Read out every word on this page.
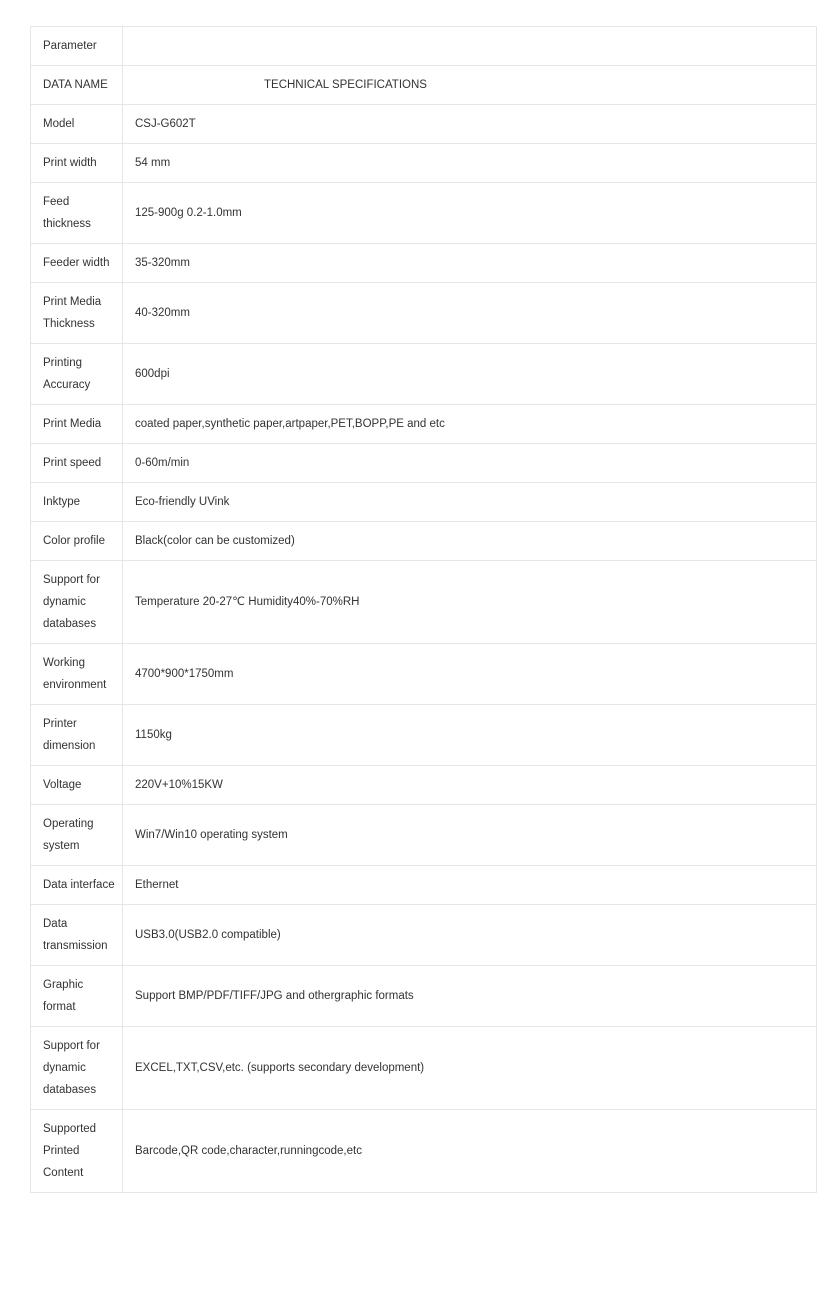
Parameter	
DATA NAME	TECHNICAL SPECIFICATIONS
Model	CSJ-G602T
Print width	54 mm
Feed thickness	125-900g 0.2-1.0mm
Feeder width	35-320mm
Print Media Thickness	40-320mm
Printing Accuracy	600dpi
Print Media	coated paper,synthetic paper,artpaper,PET,BOPP,PE and etc
Print speed	0-60m/min
Inktype	Eco-friendly UVink
Color profile	Black(color can be customized)
Support for dynamic databases	Temperature 20-27℃ Humidity40%-70%RH
Working environment	4700*900*1750mm
Printer dimension	1150kg
Voltage	220V+10%15KW
Operating system	Win7/Win10 operating system
Data interface	Ethernet
Data transmission	USB3.0(USB2.0 compatible)
Graphic format	Support BMP/PDF/TIFF/JPG and othergraphic formats
Support for dynamic databases	EXCEL,TXT,CSV,etc. (supports secondary development)
Supported Printed Content	Barcode,QR code,character,runningcode,etc
